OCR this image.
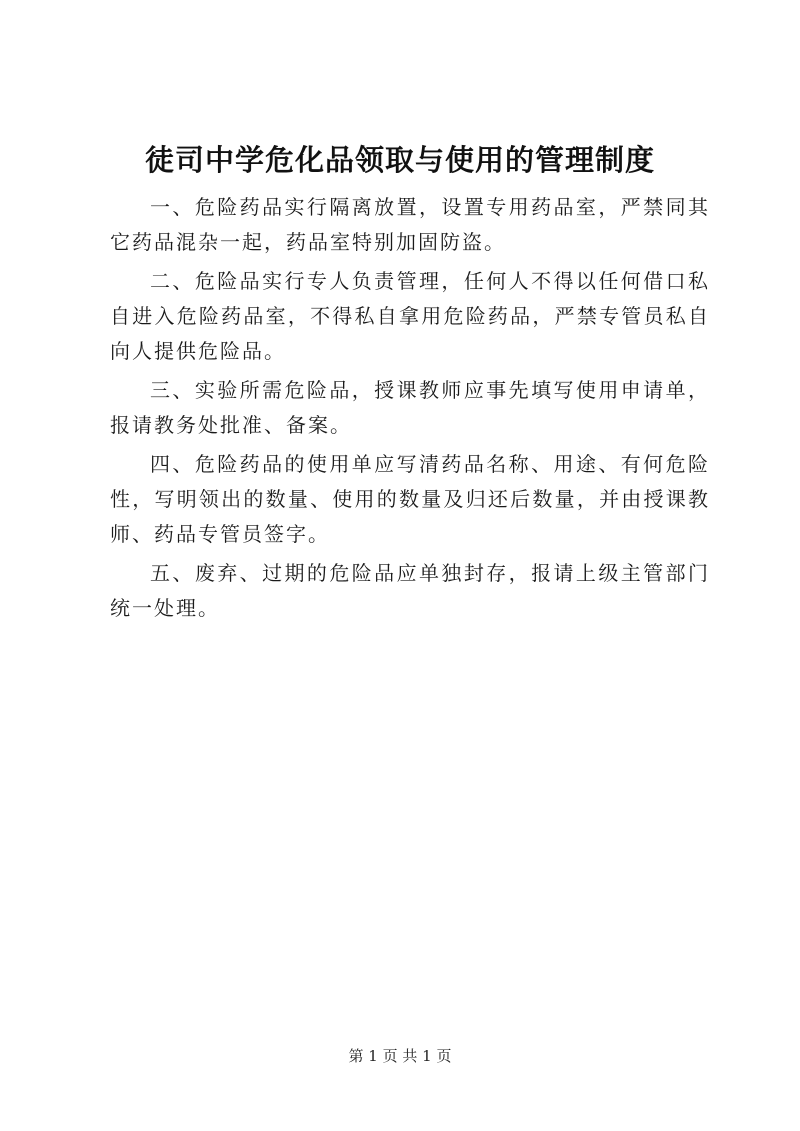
徒司中学危化品领取与使用的管理制度

一、危险药品实行隔离放置，设置专用药品室，严禁同其它药品混杂一起，药品室特别加固防盗。

二、危险品实行专人负责管理，任何人不得以任何借口私自进入危险药品室，不得私自拿用危险药品，严禁专管员私自向人提供危险品。

三、实验所需危险品，授课教师应事先填写使用申请单，报请教务处批准、备案。

四、危险药品的使用单应写清药品名称、用途、有何危险性，写明领出的数量、使用的数量及归还后数量，并由授课教师、药品专管员签字。

五、废弃、过期的危险品应单独封存，报请上级主管部门统一处理。

第 1 页 共 1 页
